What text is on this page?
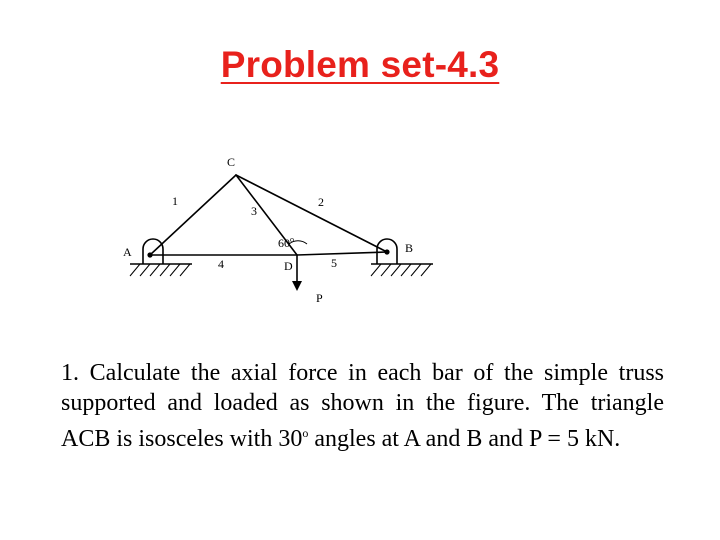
Problem set-4.3
C
1	2
3
60$^o$
A	B
4	D	5
P

1. Calculate the axial force in each bar of the simple truss supported and loaded as shown in the figure. The triangle ACB is isosceles with 30$^o$ angles at A and B and P = 5 kN.
